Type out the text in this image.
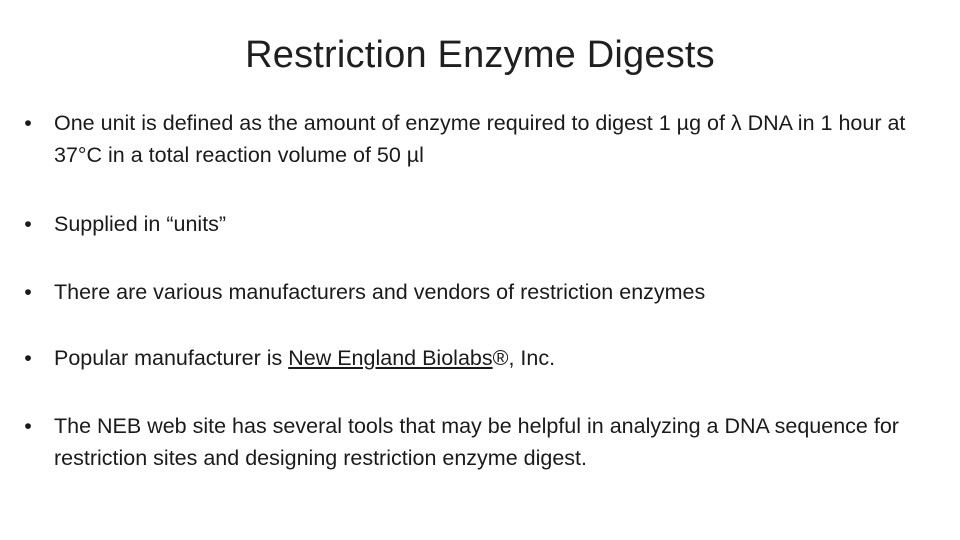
Restriction Enzyme Digests
• One unit is defined as the amount of enzyme required to digest 1 µg of λ DNA in 1 hour at 37°C in a total reaction volume of 50 µl
• Supplied in “units”
• There are various manufacturers and vendors of restriction enzymes
• Popular manufacturer is New England Biolabs®, Inc.
• The NEB web site has several tools that may be helpful in analyzing a DNA sequence for restriction sites and designing restriction enzyme digest.
